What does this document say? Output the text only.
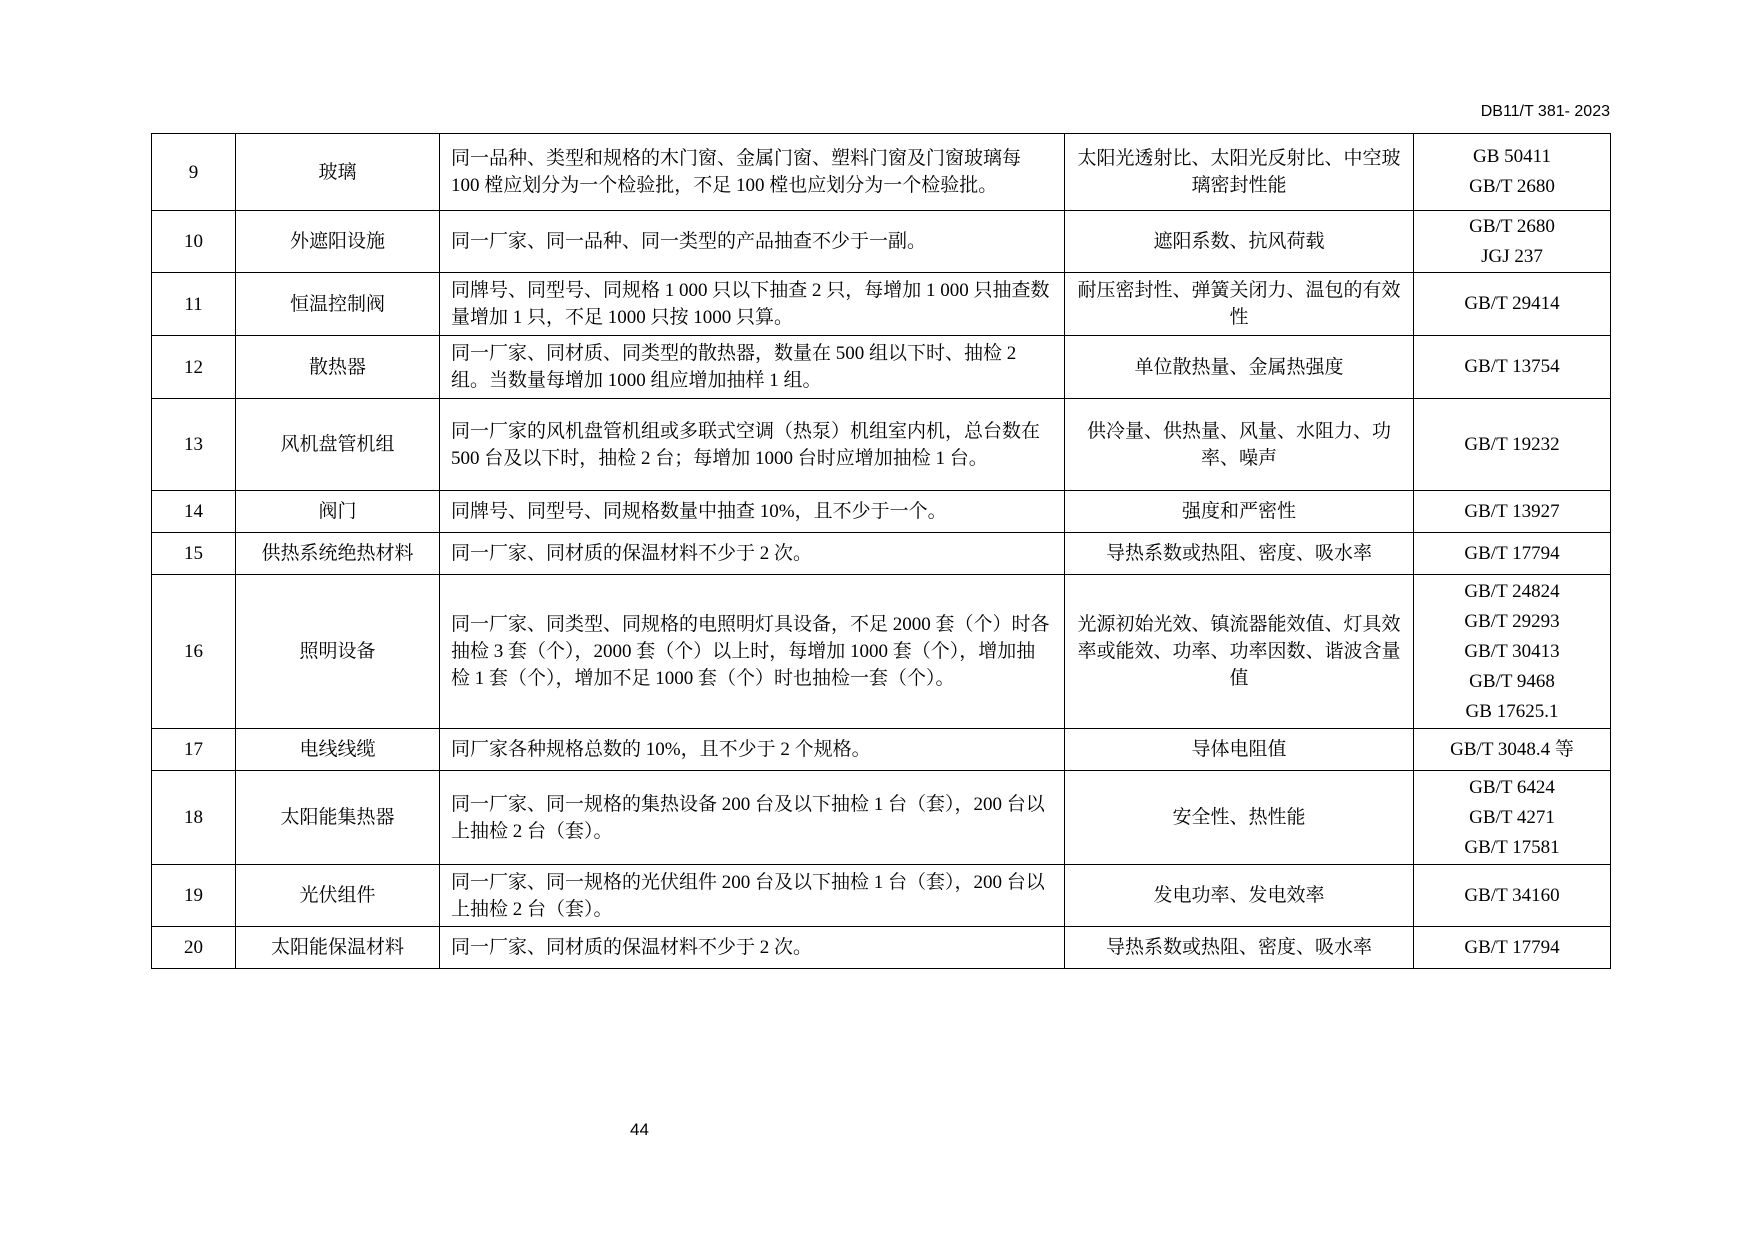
DB11/T 381- 2023
9	玻璃	同一品种、类型和规格的木门窗、金属门窗、塑料门窗及门窗玻璃每 100 樘应划分为一个检验批，不足 100 樘也应划分为一个检验批。	太阳光透射比、太阳光反射比、中空玻璃密封性能	GB 50411
GB/T 2680

10	外遮阳设施	同一厂家、同一品种、同一类型的产品抽查不少于一副。	遮阳系数、抗风荷载	GB/T 2680
JGJ 237

11	恒温控制阀	同牌号、同型号、同规格 1 000 只以下抽查 2 只，每增加 1 000 只抽查数量增加 1 只，不足 1000 只按 1000 只算。	耐压密封性、弹簧关闭力、温包的有效性	GB/T 29414

12	散热器	同一厂家、同材质、同类型的散热器，数量在 500 组以下时、抽检 2 组。当数量每增加 1000 组应增加抽样 1 组。	单位散热量、金属热强度	GB/T 13754

13	风机盘管机组	同一厂家的风机盘管机组或多联式空调（热泵）机组室内机，总台数在 500 台及以下时，抽检 2 台；每增加 1000 台时应增加抽检 1 台。	供冷量、供热量、风量、水阻力、功率、噪声	GB/T 19232

14	阀门	同牌号、同型号、同规格数量中抽查 10%，且不少于一个。	强度和严密性	GB/T 13927

15	供热系统绝热材料	同一厂家、同材质的保温材料不少于 2 次。	导热系数或热阻、密度、吸水率	GB/T 17794

16	照明设备	同一厂家、同类型、同规格的电照明灯具设备，不足 2000 套（个）时各抽检 3 套（个），2000 套（个）以上时，每增加 1000 套（个），增加抽检 1 套（个），增加不足 1000 套（个）时也抽检一套（个）。	光源初始光效、镇流器能效值、灯具效率或能效、功率、功率因数、谐波含量值	GB/T 24824
GB/T 29293
GB/T 30413
GB/T 9468
GB 17625.1

17	电线线缆	同厂家各种规格总数的 10%，且不少于 2 个规格。	导体电阻值	GB/T 3048.4 等

18	太阳能集热器	同一厂家、同一规格的集热设备 200 台及以下抽检 1 台（套），200 台以上抽检 2 台（套）。	安全性、热性能	GB/T 6424
GB/T 4271
GB/T 17581

19	光伏组件	同一厂家、同一规格的光伏组件 200 台及以下抽检 1 台（套），200 台以上抽检 2 台（套）。	发电功率、发电效率	GB/T 34160

20	太阳能保温材料	同一厂家、同材质的保温材料不少于 2 次。	导热系数或热阻、密度、吸水率	GB/T 17794
44
